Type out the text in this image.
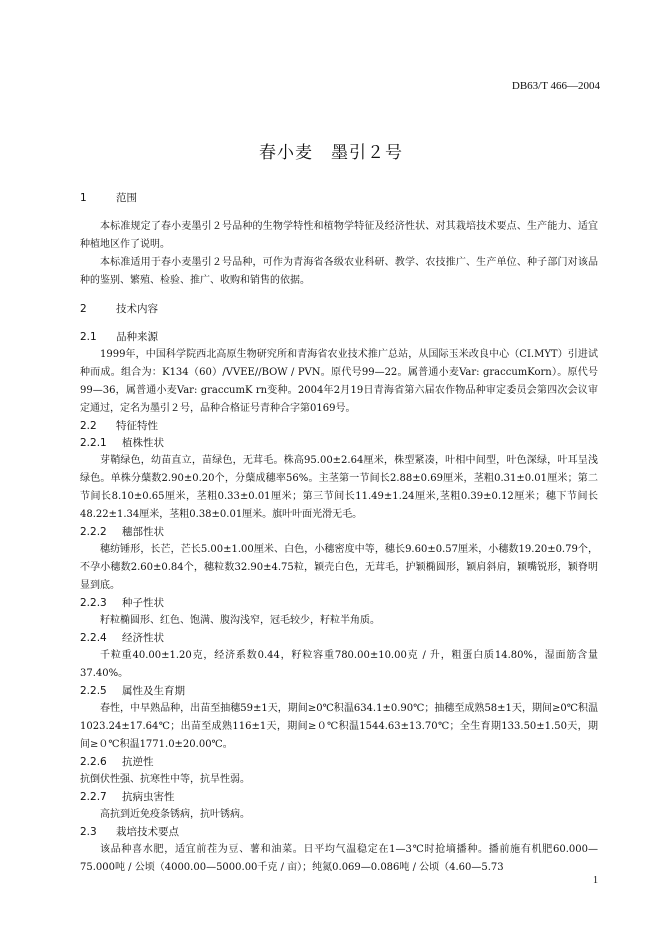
DB63/T 466—2004
春小麦　墨引２号
1	范围

本标准规定了春小麦墨引２号品种的生物学特性和植物学特征及经济性状、对其栽培技术要点、生产能力、适宜种植地区作了说明。

本标准适用于春小麦墨引２号品种，可作为青海省各级农业科研、教学、农技推广、生产单位、种子部门对该品种的鉴别、繁殖、检验、推广、收购和销售的依据。

2	技术内容
2.1 品种来源

1999年，中国科学院西北高原生物研究所和青海省农业技术推广总站，从国际玉米改良中心（CI.MYT）引进试种而成。组合为：K134（60）/VVEE//BOW / PVN。原代号99—22。属普通小麦Var: graccumKorn）。原代号99—36，属普通小麦Var: graccumK rn变种。2004年2月19日青海省第六届农作物品种审定委员会第四次会议审定通过，定名为墨引２号，品种合格证号青种合字第0169号。

2.2 特征特性
2.2.1 植株性状

芽鞘绿色，幼苗直立，苗绿色，无茸毛。株高95.00±2.64厘米，株型紧凑，叶相中间型，叶色深绿，叶耳呈浅绿色。单株分蘖数2.90±0.20个，分蘖成穗率56%。主茎第一节间长2.88±0.69厘米，茎粗0.31±0.01厘米；第二节间长8.10±0.65厘米，茎粗0.33±0.01厘米；第三节间长11.49±1.24厘米,茎粗0.39±0.12厘米；穗下节间长48.22±1.34厘米，茎粗0.38±0.01厘米。旗叶叶面光滑无毛。

2.2.2 穗部性状

穗纺锤形，长芒，芒长5.00±1.00厘米、白色，小穗密度中等，穗长9.60±0.57厘米，小穗数19.20±0.79个，不孕小穗数2.60±0.84个，穗粒数32.90±4.75粒，颖壳白色，无茸毛，护颖椭圆形，颖肩斜肩，颖嘴锐形，颖脊明显到底。

2.2.3 种子性状

籽粒椭圆形、红色、饱满、腹沟浅窄，冠毛较少，籽粒半角质。

2.2.4 经济性状

千粒重40.00±1.20克，经济系数0.44，籽粒容重780.00±10.00克 / 升，粗蛋白质14.80%，湿面筋含量37.40%。

2.2.5 属性及生育期

春性，中早熟品种，出苗至抽穗59±1天，期间≥0℃积温634.1±0.90℃；抽穗至成熟58±1天，期间≥0℃积温1023.24±17.64℃；出苗至成熟116±1天，期间≥０℃积温1544.63±13.70℃；全生育期133.50±1.50天，期间≥０℃积温1771.0±20.00℃。

2.2.6 抗逆性

抗倒伏性强、抗寒性中等，抗旱性弱。

2.2.7 抗病虫害性

高抗到近免疫条锈病，抗叶锈病。

2.3 栽培技术要点

该品种喜水肥，适宜前茬为豆、薯和油菜。日平均气温稳定在1—3℃时抢墒播种。播前施有机肥60.000—75.000吨 / 公顷（4000.00—5000.00千克 / 亩）；纯氮0.069—0.086吨 / 公顷（4.60—5.73

1
